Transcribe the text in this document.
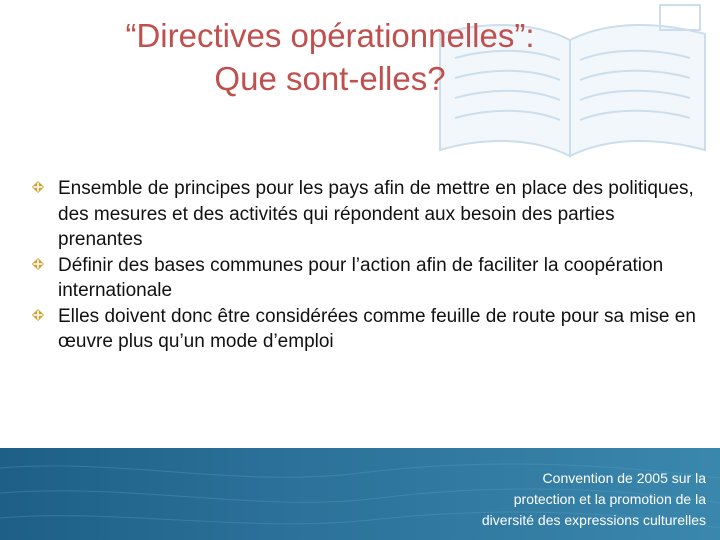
“Directives opérationnelles”:
Que sont-elles?
Ensemble de principes pour les pays afin de mettre en place des politiques, des mesures et des activités qui répondent aux besoin des parties prenantes
Définir des bases communes pour l’action afin de faciliter la coopération internationale
Elles doivent donc être considérées comme feuille de route pour sa mise en œuvre plus qu’un mode d’emploi
Convention de 2005 sur la
protection et la promotion de la
diversité des expressions culturelles
